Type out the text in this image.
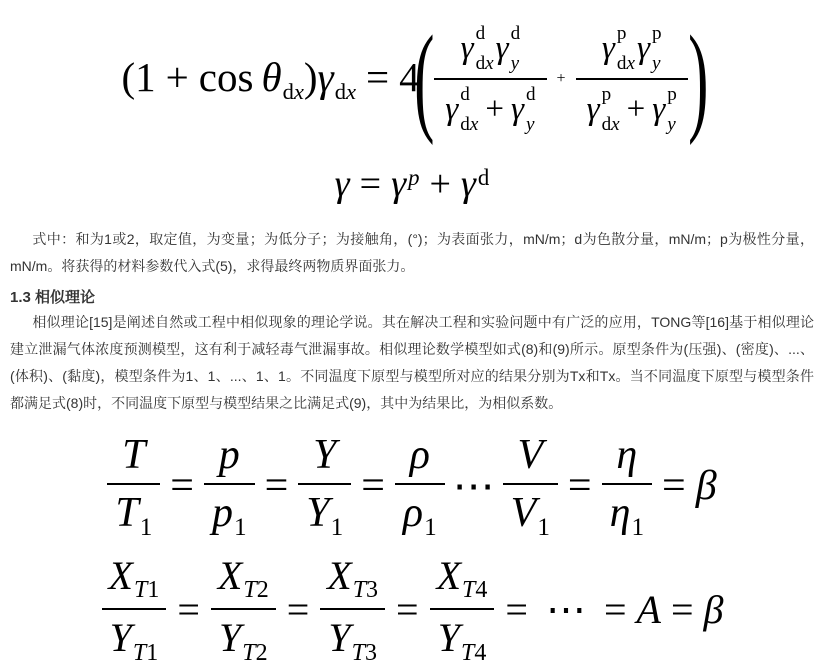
(1 + cos θdx)γdx = 4
( γ d
dx γ d
y
γ d
dx + γ d
y + γ p
dx γ p
y
γ p
dx + γ p
y )
$\gamma = \gamma^p + \gamma^d$

式中：和为1或2，取定值，为变量；为低分子；为接触角，(°)；为表面张力，mN/m；d为色散分量，mN/m；p为极性分量，mN/m。将获得的材料参数代入式(5)，求得最终两物质界面张力。

1.3 相似理论

相似理论[15]是阐述自然或工程中相似现象的理论学说。其在解决工程和实验问题中有广泛的应用，TONG等[16]基于相似理论建立泄漏气体浓度预测模型，这有利于减轻毒气泄漏事故。相似理论数学模型如式(8)和(9)所示。原型条件为(压强)、(密度)、...、(体积)、(黏度)，模型条件为1、1、...、1、1。不同温度下原型与模型所对应的结果分别为Tx和Tx。当不同温度下原型与模型条件都满足式(8)时，不同温度下原型与模型结果之比满足式(9)，其中为结果比，为相似系数。

$\frac{T}{T_1} = \frac{p}{p_1} = \frac{Y}{Y_1} = \frac{\rho}{\rho_1}$ ⋯ $\frac{V}{V_1} = \frac{\eta}{\eta_1} = \beta$
$\frac{X_{T1}}{Y_{T1}} = \frac{X_{T2}}{Y_{T2}} = \frac{X_{T3}}{Y_{T3}} = \frac{X_{T4}}{Y_{T4}}$ = ⋯ = A = β
